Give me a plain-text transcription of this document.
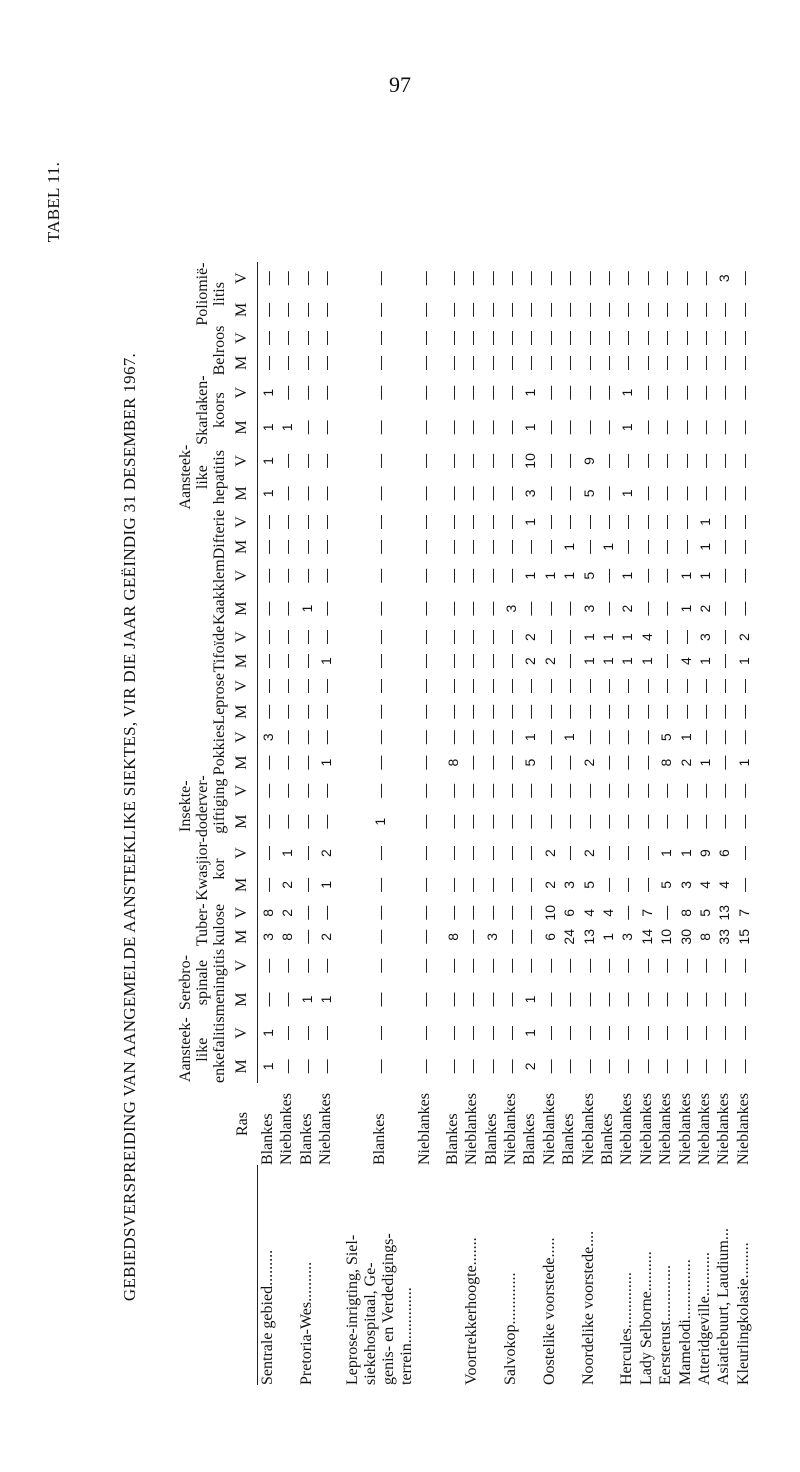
97
GEBIEDSVERSPREIDING VAN AANGEMELDE AANSTEEKLIKE SIEKTES, VIR DIE JAAR GEËINDIG 31 DESEMBER 1967.
TABEL 11.
	Ras	Aansteek-
like
enkefalitis		Serebro-
spinale
meningitis		Tuber-
kulose		Kwasjior-
kor		Insekte-
doderver-
giftiging		Pokkies		Leprose		Tifoïde		Kaakklem		Difterie		Aansteek-
like
hepatitis		Skarlaken-
koors		Belroos		Poliomië-
litis	
		M	V	M	V	M	V	M	V	M	V	M	V	M	V	M	V	M	V	M	V	M	V	M	V	M	V	M	V
Sentrale gebied.........	Blankes	1	1	—	—	3	8	—	—	—	—	—	3	—	—	—	—	—	—	—	—	1	1	1	1	—	—	—	—
	Nieblankes	—	—	—	—	8	2	2	1	—	—	—	—	—	—	—	—	—	—	—	—	—	—	1	—	—	—	—	—
Pretoria-Wes..........	Blankes	—	—	1	—	—	—	—	—	—	—	—	—	—	—	—	—	1	—	—	—	—	—	—	—	—	—	—	—
	Nieblankes	—	—	1	—	2	—	1	2	—	—	1	—	—	—	1	—	—	—	—	—	—	—	—	—	—	—	—	—

Leprose-inrigting, Siel-
siekehospitaal, Ge-
genis- en Verdedigings-
terrein..............	Blankes	—	—	—	—	—	—	—	—	1	—	—	—	—	—	—	—	—	—	—	—	—	—	—	—	—	—	—	—
	Nieblankes	—	—	—	—	—	—	—	—	—	—	—	—	—	—	—	—	—	—	—	—	—	—	—	—	—	—	—	—

	Blankes	—	—	—	—	8	—	—	—	—	—	8	—	—	—	—	—	—	—	—	—	—	—	—	—	—	—	—	—
Voortrekkerhoogte.......	Nieblankes	—	—	—	—	—	—	—	—	—	—	—	—	—	—	—	—	—	—	—	—	—	—	—	—	—	—	—	—
	Blankes	—	—	—	—	3	—	—	—	—	—	—	—	—	—	—	—	—	—	—	—	—	—	—	—	—	—	—	—
Salvokop.............	Nieblankes	—	—	—	—	—	—	—	—	—	—	—	—	—	—	—	—	3	—	—	—	—	—	—	—	—	—	—	—
	Blankes	2	1	1	—	—	—	—	—	—	—	5	1	—	—	2	2	—	1	—	1	3	10	1	1	—	—	—	—
Oostelike voorstede.....	Nieblankes	—	—	—	—	6	10	2	2	—	—	—	—	—	—	2	—	—	1	—	—	—	—	—	—	—	—	—	—
	Blankes	—	—	—	—	24	6	3	—	—	—	—	1	—	—	—	—	—	1	1	—	—	—	—	—	—	—	—	—
Noordelike voorstede....	Nieblankes	—	—	—	—	13	4	5	2	—	—	2	—	—	—	1	1	3	5	—	—	5	9	—	—	—	—	—	—
	Blankes	—	—	—	—	1	4	—	—	—	—	—	—	—	—	1	1	—	—	1	—	—	—	—	—	—	—	—	—
Hercules..............	Nieblankes	—	—	—	—	3	—	—	—	—	—	—	—	—	—	1	1	2	1	—	—	1	—	1	1	—	—	—	—
Lady Selborne..........	Nieblankes	—	—	—	—	14	7	—	—	—	—	—	—	—	—	1	4	—	—	—	—	—	—	—	—	—	—	—	—
Eersterust..............	Nieblankes	—	—	—	—	10	—	5	1	—	—	8	5	—	—	—	—	—	—	—	—	—	—	—	—	—	—	—	—
Mamelodi...............	Nieblankes	—	—	—	—	30	8	3	1	—	—	2	1	—	—	4	—	1	1	—	—	—	—	—	—	—	—	—	—
Atteridgeville...........	Nieblankes	—	—	—	—	8	5	4	9	—	—	1	—	—	—	1	3	2	1	1	1	—	—	—	—	—	—	—	—
Asiatiebuurt, Laudium...	Nieblankes	—	—	—	—	33	13	4	6	—	—	—	—	—	—	—	—	—	—	—	—	—	—	—	—	—	—	—	3
Kleurlingkolasie.........	Nieblankes	—	—	—	—	15	7	—	—	—	—	1	—	—	—	1	2	—	—	—	—	—	—	—	—	—	—	—	—
